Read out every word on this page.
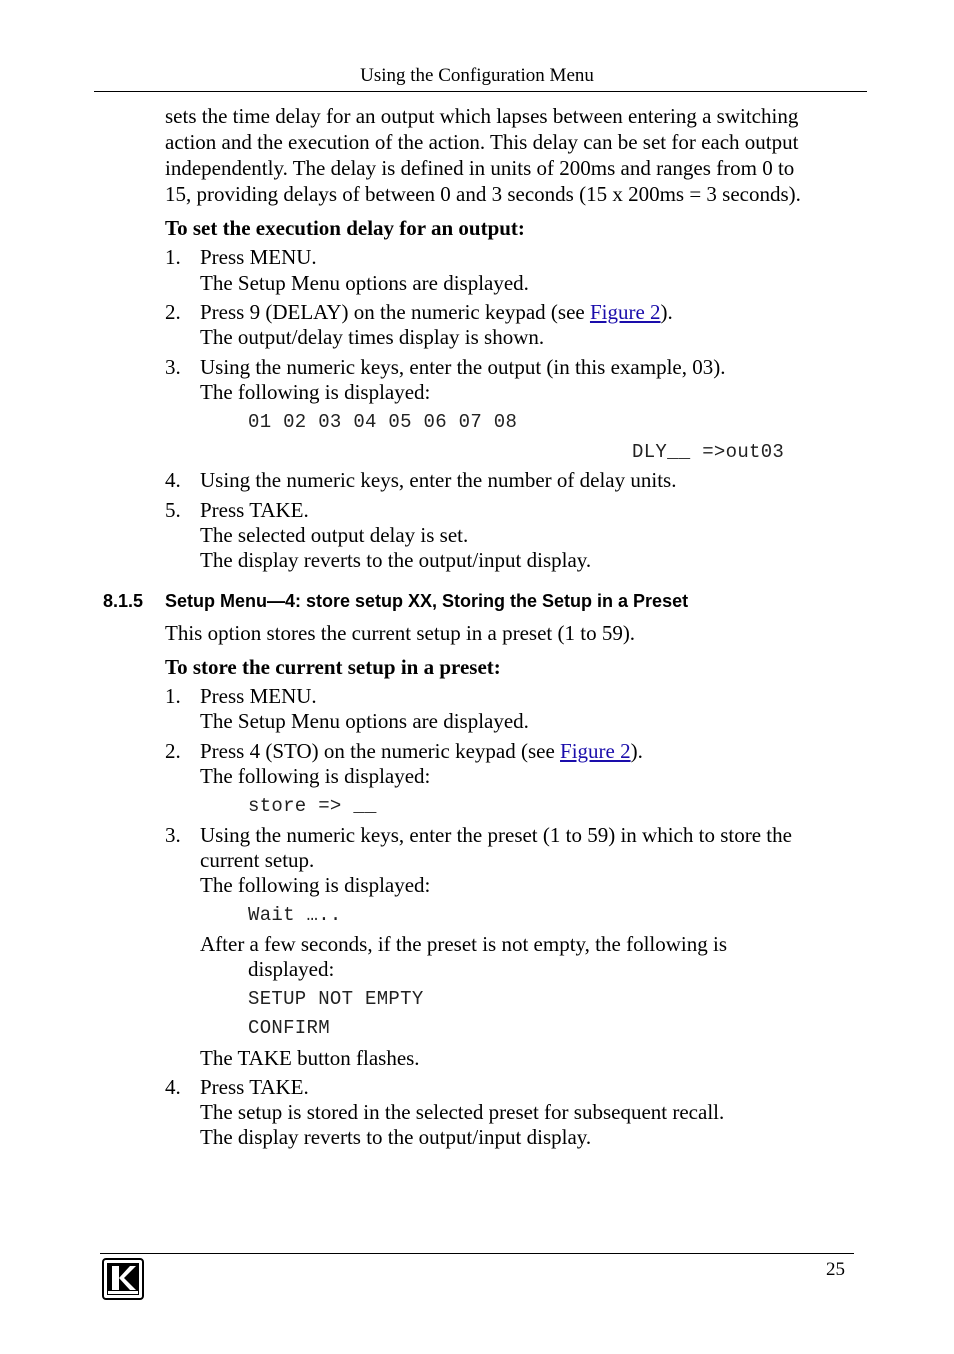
Using the Configuration Menu
sets the time delay for an output which lapses between entering a switching
action and the execution of the action. This delay can be set for each output
independently. The delay is defined in units of 200ms and ranges from 0 to
15, providing delays of between 0 and 3 seconds (15 x 200ms = 3 seconds).
To set the execution delay for an output:
1. Press MENU.
The Setup Menu options are displayed.
2. Press 9 (DELAY) on the numeric keypad (see Figure 2).
The output/delay times display is shown.
3. Using the numeric keys, enter the output (in this example, 03).
The following is displayed:
01 02 03 04 05 06 07 08
DLY__ =>out03
4. Using the numeric keys, enter the number of delay units.
5. Press TAKE.
The selected output delay is set.
The display reverts to the output/input display.
8.1.5 Setup Menu—4: store setup XX, Storing the Setup in a Preset
This option stores the current setup in a preset (1 to 59).
To store the current setup in a preset:
1. Press MENU.
The Setup Menu options are displayed.
2. Press 4 (STO) on the numeric keypad (see Figure 2).
The following is displayed:
store => __
3. Using the numeric keys, enter the preset (1 to 59) in which to store the
current setup.
The following is displayed:
Wait …..
After a few seconds, if the preset is not empty, the following is
displayed:
SETUP NOT EMPTY
CONFIRM
The TAKE button flashes.
4. Press TAKE.
The setup is stored in the selected preset for subsequent recall.
The display reverts to the output/input display.
25
